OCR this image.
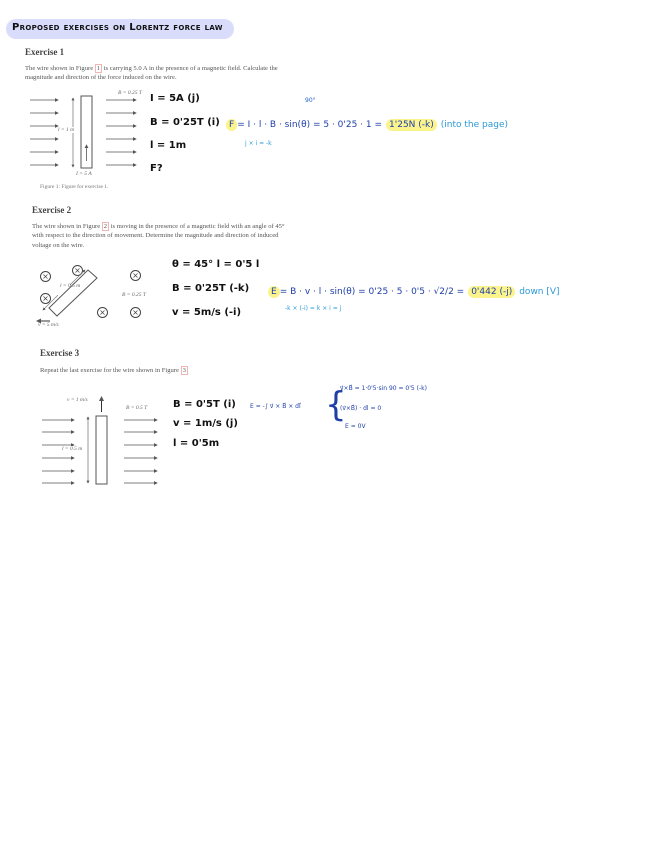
Proposed exercises on Lorentz force law
Exercise 1
The wire shown in Figure 1 is carrying 5.0 A in the presence of a magnetic field. Calculate the
magnitude and direction of the force induced on the wire.
B = 0.25 T
l = 1 m
I = 5 A
Figure 1: Figure for exercise 1.
I = 5A (j)
B = 0'25T (i)
l = 1m
F?
90°
F = I · l · B · sin(θ) = 5 · 0'25 · 1 = 1'25N (-k) (into the page)
j × i = -k
Exercise 2
The wire shown in Figure 2 is moving in the presence of a magnetic field with an angle of 45°
with respect to the direction of movement. Determine the magnitude and direction of induced
voltage on the wire.
×
×
×
×
×	×
l = 0.5 m
B = 0.25 T
v = 5 m/s
θ = 45° l = 0'5 l
B = 0'25T (-k)
v = 5m/s (-i)
E = B · v · l · sin(θ) = 0'25 · 5 · 0'5 · √2/2 = 0'442 (-j) down [V]
-k × (-i) = k × i = j
Exercise 3
Repeat the last exercise for the wire shown in Figure 3
v = 1 m/s
B = 0.5 T
l = 0.5 m
B = 0'5T (i)
v = 1m/s (j)
l = 0'5m
E = -∫ v⃗ × B⃗ × dl⃗ {
v⃗×B⃗ = 1·0'5·sin 90 = 0'5 (-k)
(v⃗×B⃗) · dl = 0
E = 0V
